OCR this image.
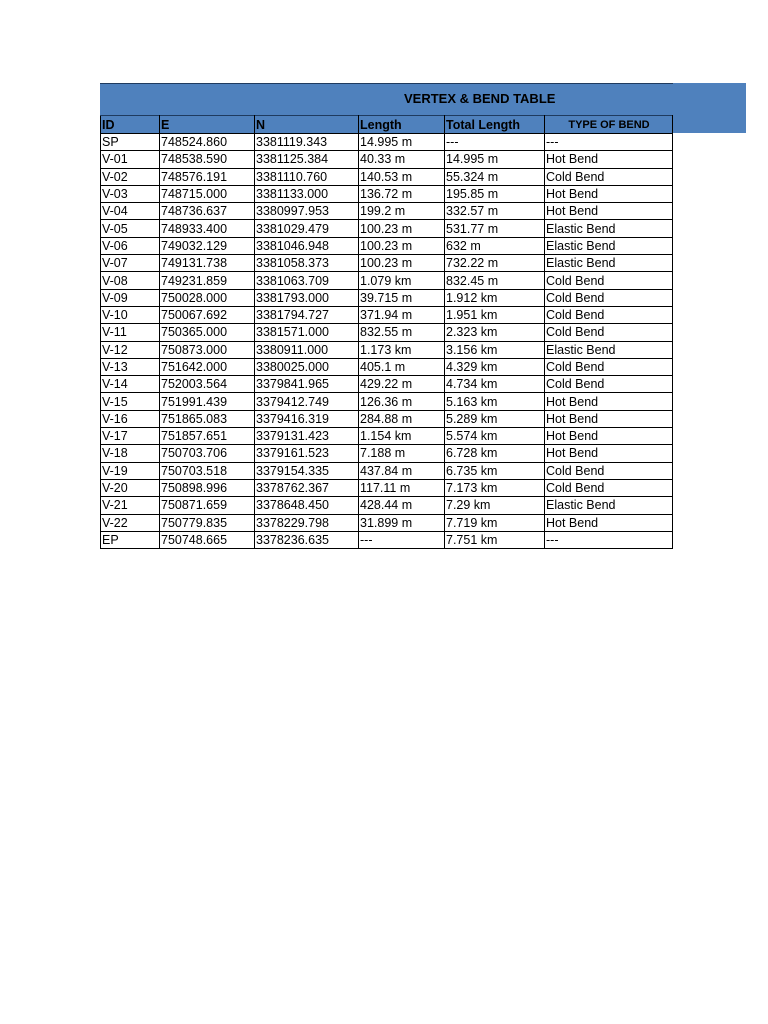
VERTEX & BEND TABLE
ID	E	N	Length	Total Length	TYPE OF BEND
SP	748524.860	3381119.343	14.995 m	---	---
V-01	748538.590	3381125.384	40.33 m	14.995 m	Hot Bend
V-02	748576.191	3381110.760	140.53 m	55.324 m	Cold Bend
V-03	748715.000	3381133.000	136.72 m	195.85 m	Hot Bend
V-04	748736.637	3380997.953	199.2 m	332.57 m	Hot Bend
V-05	748933.400	3381029.479	100.23 m	531.77 m	Elastic Bend
V-06	749032.129	3381046.948	100.23 m	632 m	Elastic Bend
V-07	749131.738	3381058.373	100.23 m	732.22 m	Elastic Bend
V-08	749231.859	3381063.709	1.079 km	832.45 m	Cold Bend
V-09	750028.000	3381793.000	39.715 m	1.912 km	Cold Bend
V-10	750067.692	3381794.727	371.94 m	1.951 km	Cold Bend
V-11	750365.000	3381571.000	832.55 m	2.323 km	Cold Bend
V-12	750873.000	3380911.000	1.173 km	3.156 km	Elastic Bend
V-13	751642.000	3380025.000	405.1 m	4.329 km	Cold Bend
V-14	752003.564	3379841.965	429.22 m	4.734 km	Cold Bend
V-15	751991.439	3379412.749	126.36 m	5.163 km	Hot Bend
V-16	751865.083	3379416.319	284.88 m	5.289 km	Hot Bend
V-17	751857.651	3379131.423	1.154 km	5.574 km	Hot Bend
V-18	750703.706	3379161.523	7.188 m	6.728 km	Hot Bend
V-19	750703.518	3379154.335	437.84 m	6.735 km	Cold Bend
V-20	750898.996	3378762.367	117.11 m	7.173 km	Cold Bend
V-21	750871.659	3378648.450	428.44 m	7.29 km	Elastic Bend
V-22	750779.835	3378229.798	31.899 m	7.719 km	Hot Bend
EP	750748.665	3378236.635	---	7.751 km	---
